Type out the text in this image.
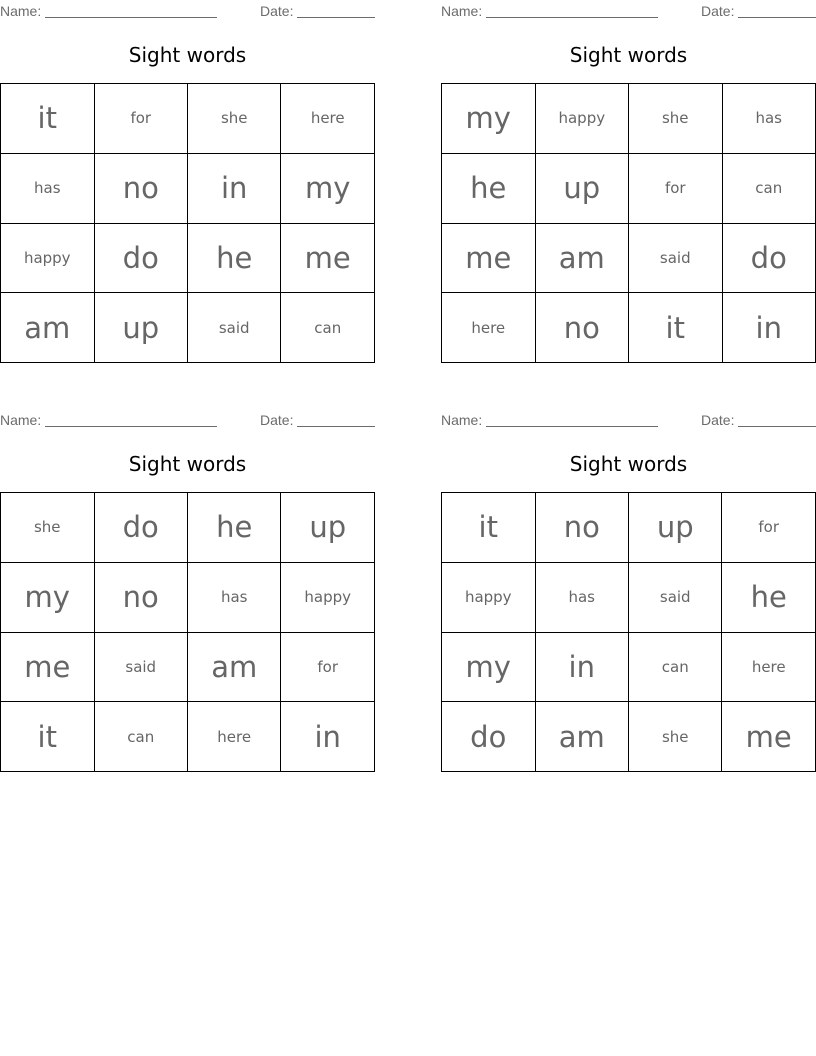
Name:	Date:
Sight words
it	for	she	here
has	no	in	my
happy	do	he	me
am	up	said	can
Name:	Date:
Sight words
my	happy	she	has
he	up	for	can
me	am	said	do
here	no	it	in
Name:	Date:
Sight words
she	do	he	up
my	no	has	happy
me	said	am	for
it	can	here	in
Name:	Date:
Sight words
it	no	up	for
happy	has	said	he
my	in	can	here
do	am	she	me
